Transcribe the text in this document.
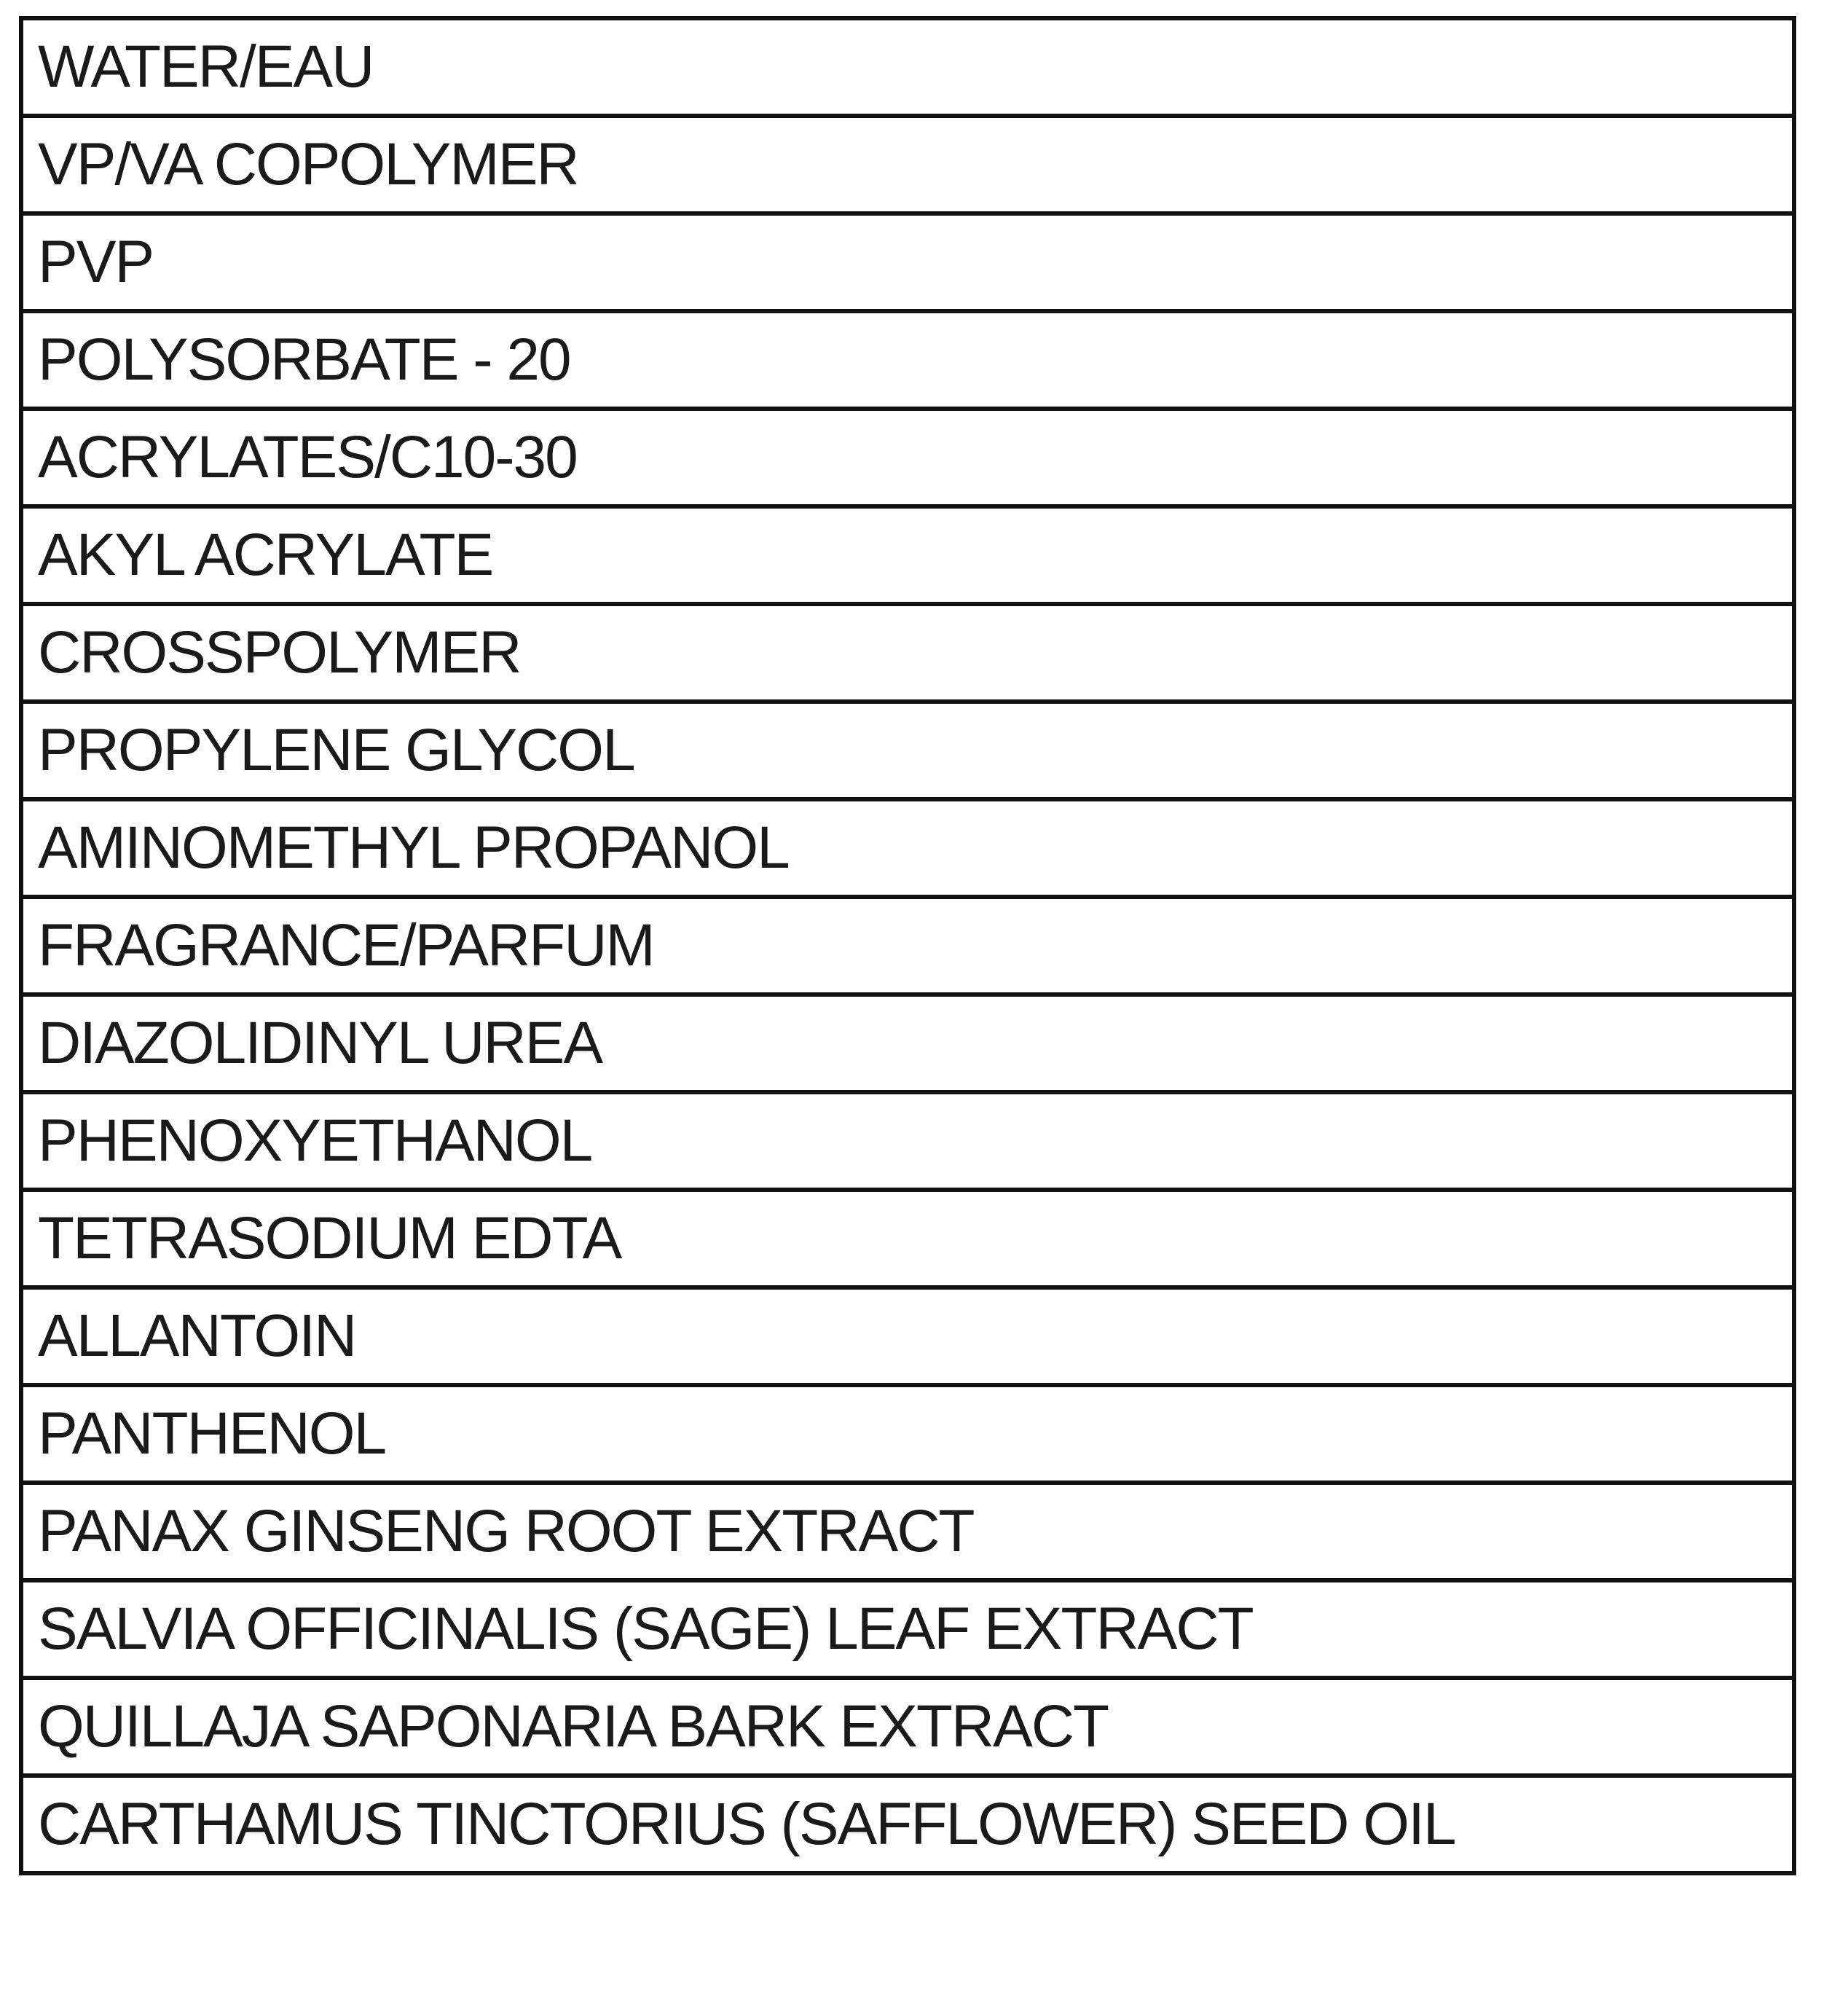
WATER/EAU
VP/VA COPOLYMER
PVP
POLYSORBATE - 20
ACRYLATES/C10-30
AKYL ACRYLATE
CROSSPOLYMER
PROPYLENE GLYCOL
AMINOMETHYL PROPANOL
FRAGRANCE/PARFUM
DIAZOLIDINYL UREA
PHENOXYETHANOL
TETRASODIUM EDTA
ALLANTOIN
PANTHENOL
PANAX GINSENG ROOT EXTRACT
SALVIA OFFICINALIS (SAGE) LEAF EXTRACT
QUILLAJA SAPONARIA BARK EXTRACT
CARTHAMUS TINCTORIUS (SAFFLOWER) SEED OIL
